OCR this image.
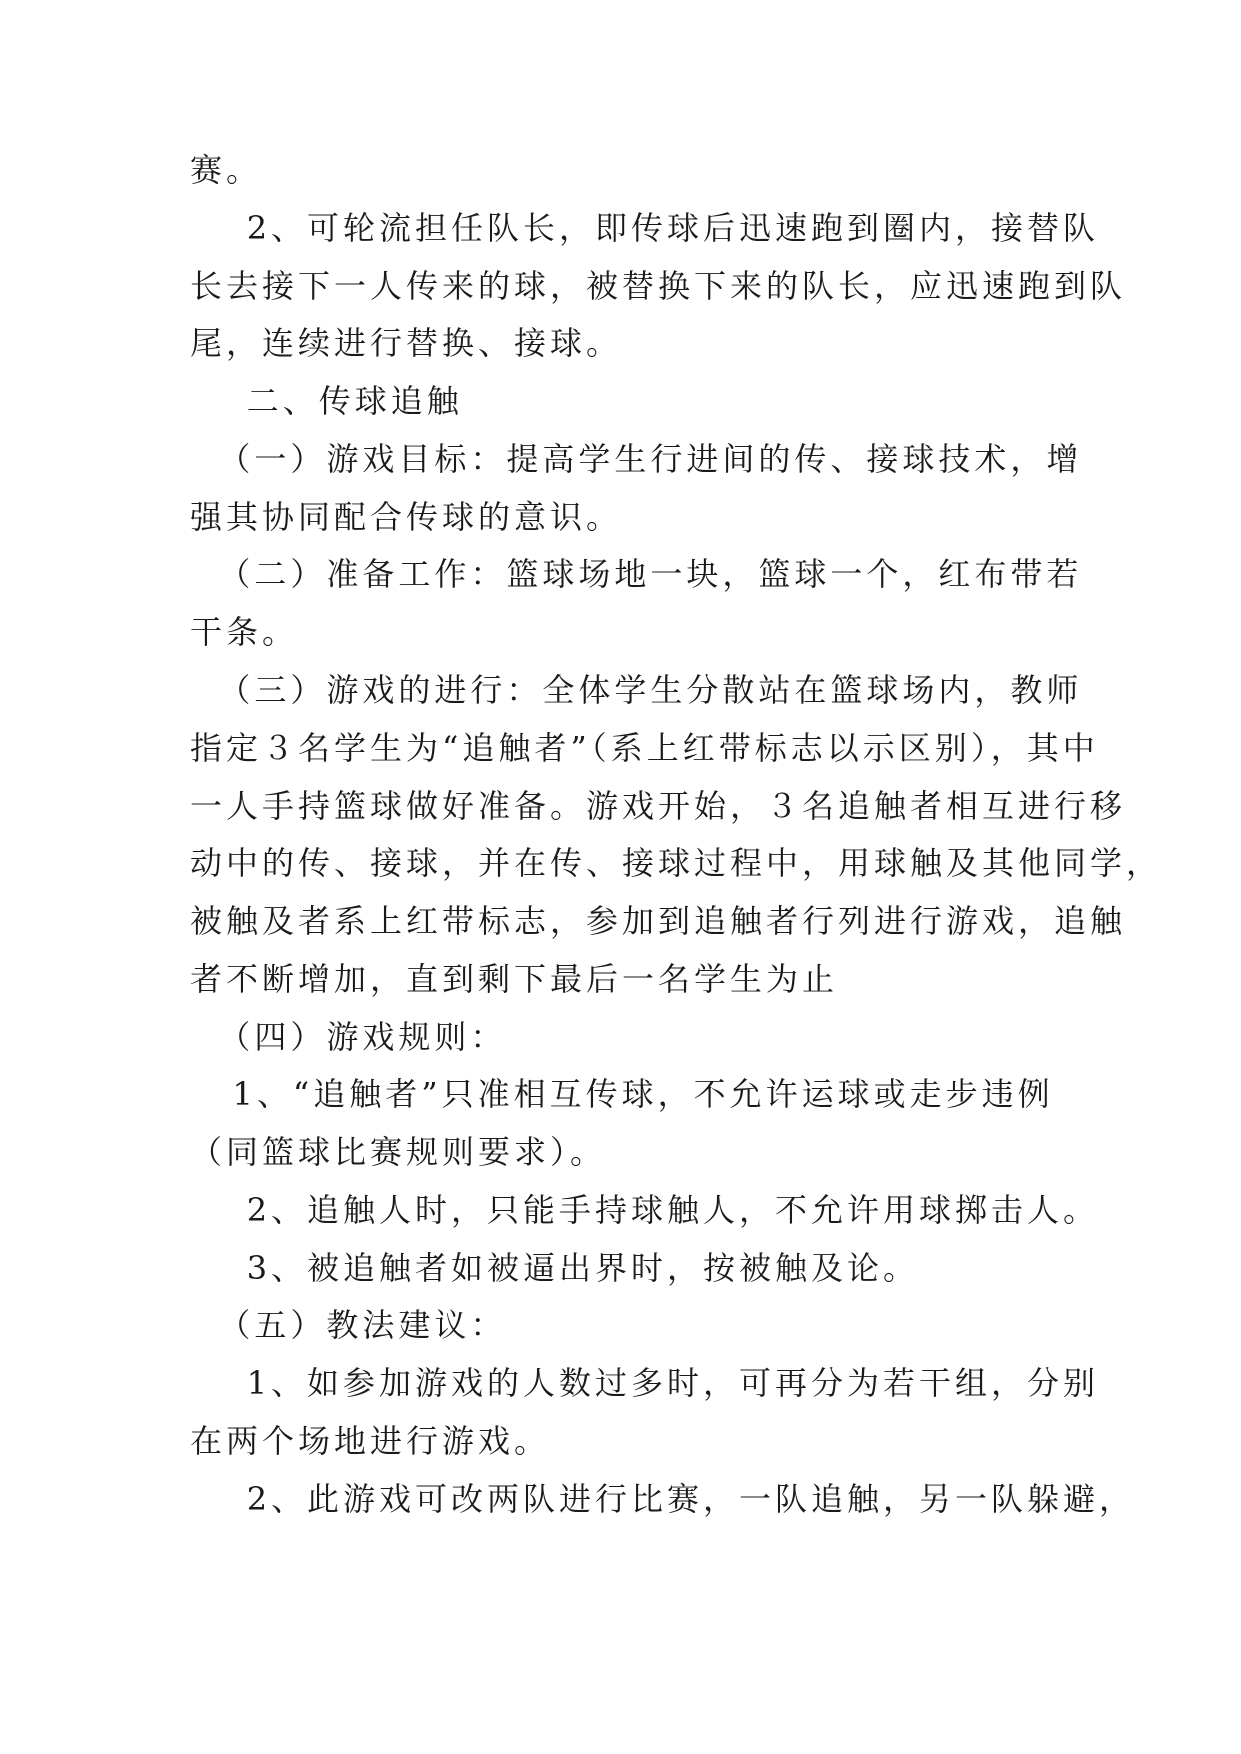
赛。
2、可轮流担任队长，即传球后迅速跑到圈内，接替队
长去接下一人传来的球，被替换下来的队长，应迅速跑到队
尾，连续进行替换、接球。
二、传球追触
（一）游戏目标：提高学生行进间的传、接球技术，增
强其协同配合传球的意识。
（二）准备工作：篮球场地一块，篮球一个，红布带若
干条。
（三）游戏的进行：全体学生分散站在篮球场内，教师
指定３名学生为“追触者”（系上红带标志以示区别），其中
一人手持篮球做好准备。游戏开始，３名追触者相互进行移
动中的传、接球，并在传、接球过程中，用球触及其他同学，
被触及者系上红带标志，参加到追触者行列进行游戏，追触
者不断增加，直到剩下最后一名学生为止
（四）游戏规则：
1、“追触者”只准相互传球，不允许运球或走步违例
（同篮球比赛规则要求）。
2、追触人时，只能手持球触人，不允许用球掷击人。
3、被追触者如被逼出界时，按被触及论。
（五）教法建议：
1、如参加游戏的人数过多时，可再分为若干组，分别
在两个场地进行游戏。
2、此游戏可改两队进行比赛，一队追触，另一队躲避，
